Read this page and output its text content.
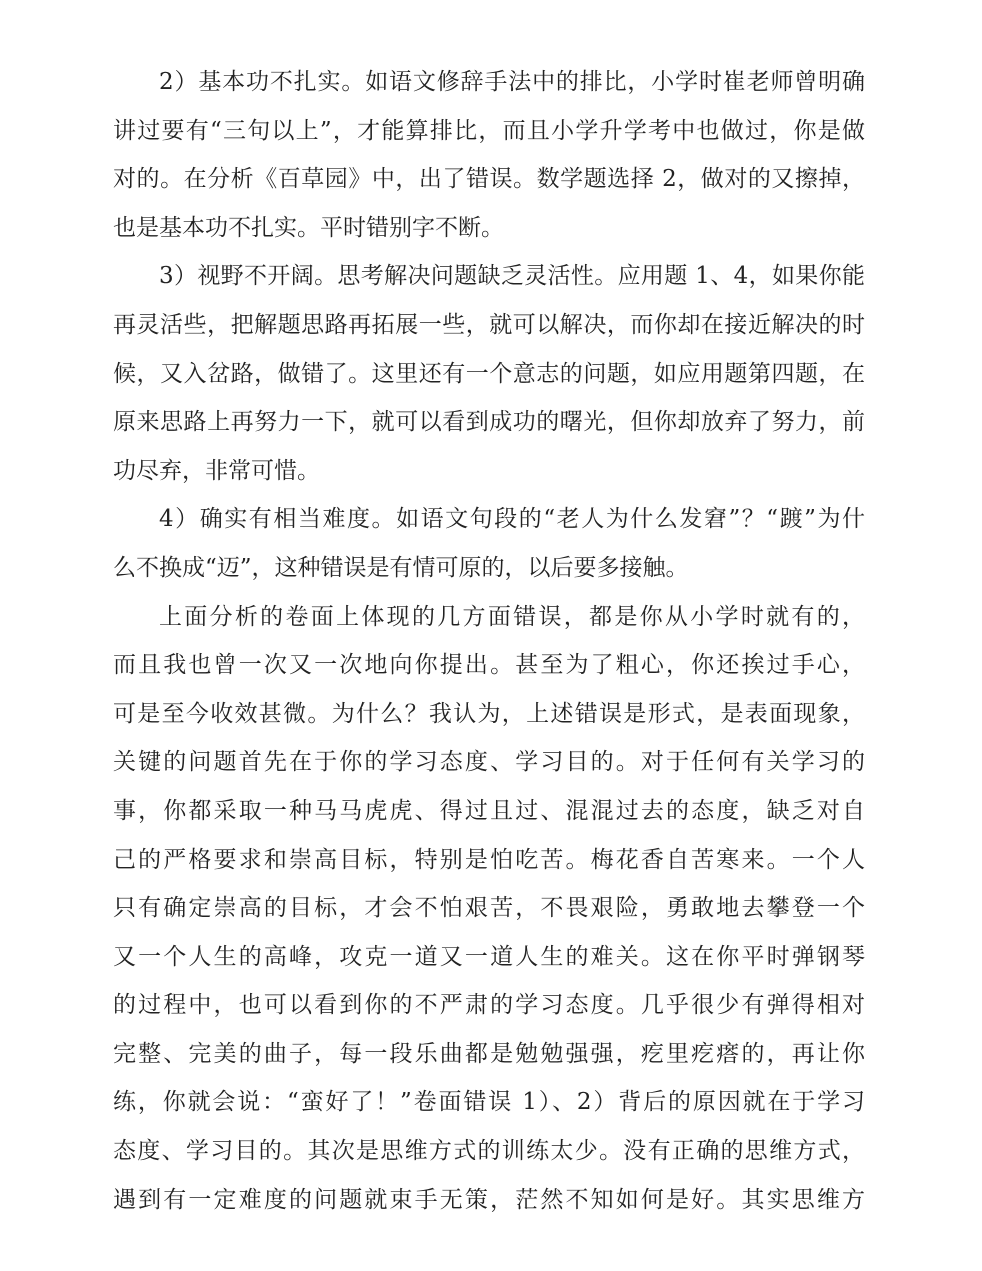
2）基本功不扎实。如语文修辞手法中的排比，小学时崔老师曾明确
讲过要有“三句以上”，才能算排比，而且小学升学考中也做过，你是做
对的。在分析《百草园》中，出了错误。数学题选择 2，做对的又擦掉，
也是基本功不扎实。平时错别字不断。
3）视野不开阔。思考解决问题缺乏灵活性。应用题 1、4，如果你能
再灵活些，把解题思路再拓展一些，就可以解决，而你却在接近解决的时
候，又入岔路，做错了。这里还有一个意志的问题，如应用题第四题，在
原来思路上再努力一下，就可以看到成功的曙光，但你却放弃了努力，前
功尽弃，非常可惜。
4）确实有相当难度。如语文句段的“老人为什么发窘”？“踱”为什
么不换成“迈”，这种错误是有情可原的，以后要多接触。
上面分析的卷面上体现的几方面错误，都是你从小学时就有的，
而且我也曾一次又一次地向你提出。甚至为了粗心，你还挨过手心，
可是至今收效甚微。为什么？我认为，上述错误是形式，是表面现象，
关键的问题首先在于你的学习态度、学习目的。对于任何有关学习的
事，你都采取一种马马虎虎、得过且过、混混过去的态度，缺乏对自
己的严格要求和崇高目标，特别是怕吃苦。梅花香自苦寒来。一个人
只有确定崇高的目标，才会不怕艰苦，不畏艰险，勇敢地去攀登一个
又一个人生的高峰，攻克一道又一道人生的难关。这在你平时弹钢琴
的过程中，也可以看到你的不严肃的学习态度。几乎很少有弹得相对
完整、完美的曲子，每一段乐曲都是勉勉强强，疙里疙瘩的，再让你
练，你就会说：“蛮好了！”卷面错误 1）、2）背后的原因就在于学习
态度、学习目的。其次是思维方式的训练太少。没有正确的思维方式，
遇到有一定难度的问题就束手无策，茫然不知如何是好。其实思维方
